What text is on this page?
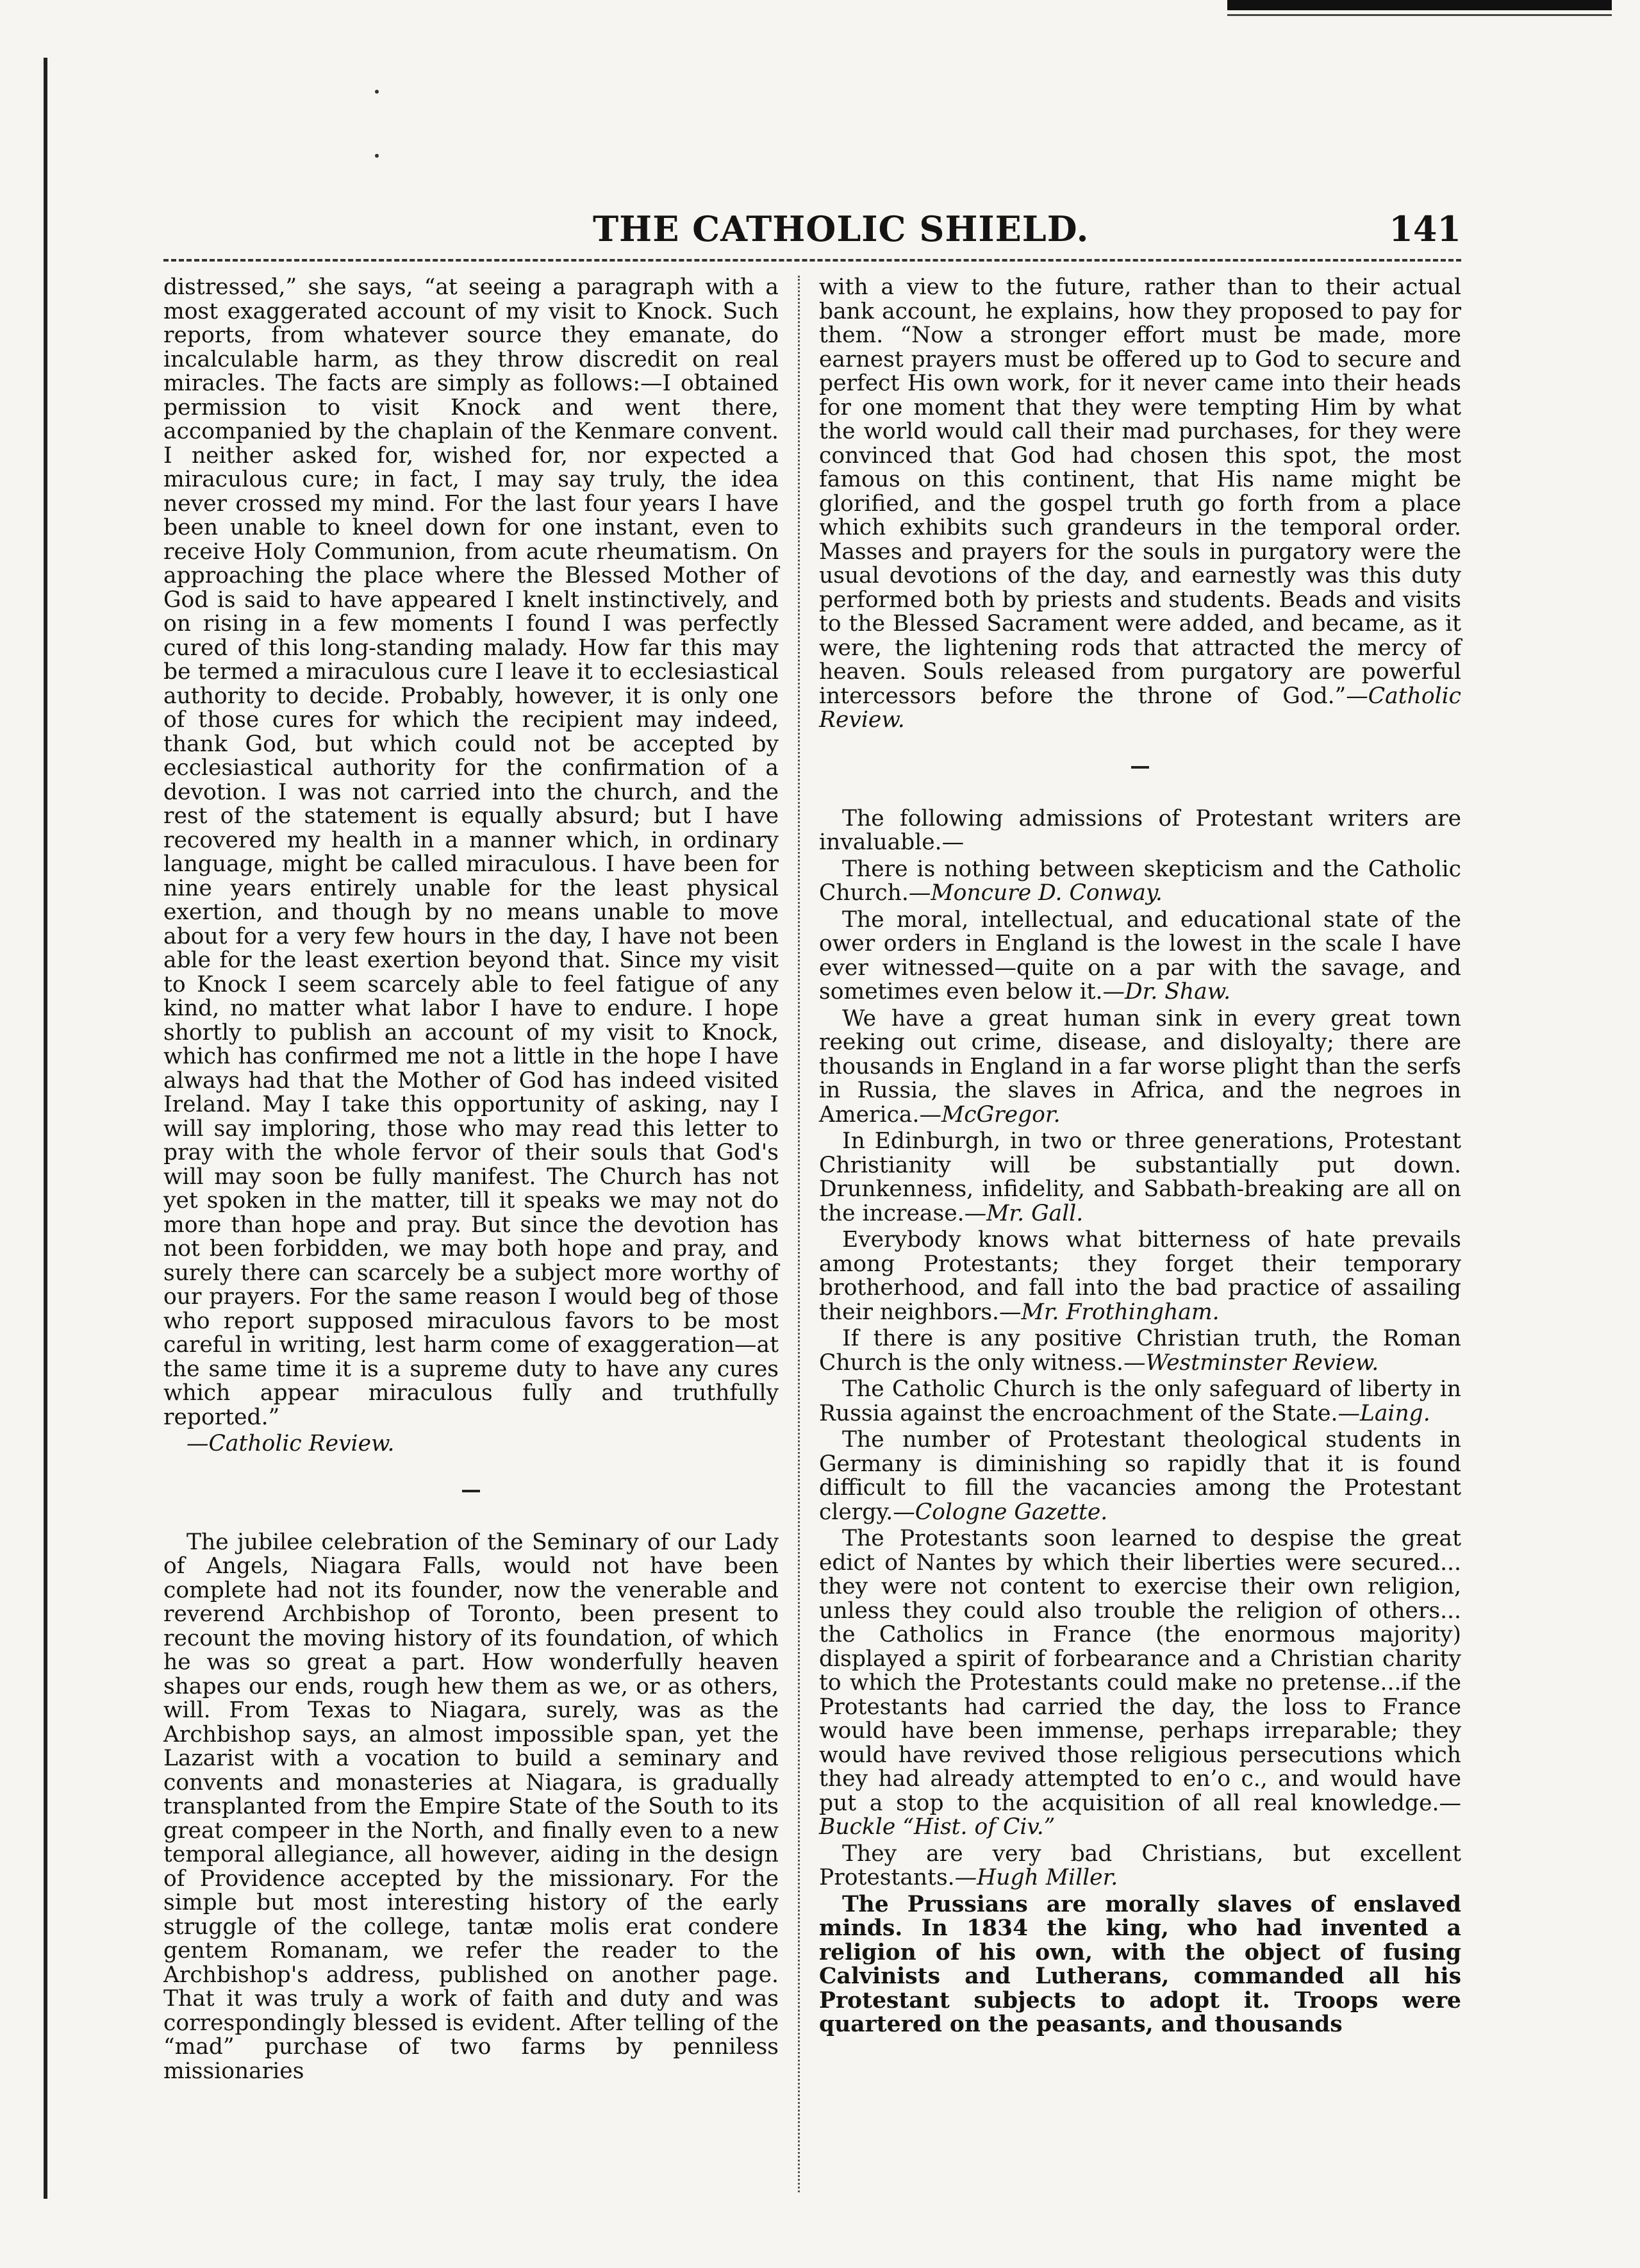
THE CATHOLIC SHIELD.	141

distressed,” she says, “at seeing a paragraph with a most exaggerated account of my visit to Knock. Such reports, from whatever source they emanate, do incalculable harm, as they throw discredit on real miracles. The facts are simply as follows:—I obtained permission to visit Knock and went there, accompanied by the chaplain of the Kenmare convent. I neither asked for, wished for, nor expected a miraculous cure; in fact, I may say truly, the idea never crossed my mind. For the last four years I have been unable to kneel down for one instant, even to receive Holy Communion, from acute rheumatism. On approaching the place where the Blessed Mother of God is said to have appeared I knelt instinctively, and on rising in a few moments I found I was perfectly cured of this long-standing malady. How far this may be termed a miraculous cure I leave it to ecclesiastical authority to decide. Probably, however, it is only one of those cures for which the recipient may indeed, thank God, but which could not be accepted by ecclesiastical authority for the confirmation of a devotion. I was not carried into the church, and the rest of the statement is equally absurd; but I have recovered my health in a manner which, in ordinary language, might be called miraculous. I have been for nine years entirely unable for the least physical exertion, and though by no means unable to move about for a very few hours in the day, I have not been able for the least exertion beyond that. Since my visit to Knock I seem scarcely able to feel fatigue of any kind, no matter what labor I have to endure. I hope shortly to publish an account of my visit to Knock, which has confirmed me not a little in the hope I have always had that the Mother of God has indeed visited Ireland. May I take this opportunity of asking, nay I will say imploring, those who may read this letter to pray with the whole fervor of their souls that God's will may soon be fully manifest. The Church has not yet spoken in the matter, till it speaks we may not do more than hope and pray. But since the devotion has not been forbidden, we may both hope and pray, and surely there can scarcely be a subject more worthy of our prayers. For the same reason I would beg of those who report supposed miraculous favors to be most careful in writing, lest harm come of exaggeration—at the same time it is a supreme duty to have any cures which appear miraculous fully and truthfully reported.”

—Catholic Review.

The jubilee celebration of the Seminary of our Lady of Angels, Niagara Falls, would not have been complete had not its founder, now the venerable and reverend Archbishop of Toronto, been present to recount the moving history of its foundation, of which he was so great a part. How wonderfully heaven shapes our ends, rough hew them as we, or as others, will. From Texas to Niagara, surely, was as the Archbishop says, an almost impossible span, yet the Lazarist with a vocation to build a seminary and convents and monasteries at Niagara, is gradually transplanted from the Empire State of the South to its great compeer in the North, and finally even to a new temporal allegiance, all however, aiding in the design of Providence accepted by the missionary. For the simple but most interesting history of the early struggle of the college, tantæ molis erat condere gentem Romanam, we refer the reader to the Archbishop's address, published on another page. That it was truly a work of faith and duty and was correspondingly blessed is evident. After telling of the “mad” purchase of two farms by penniless missionaries

with a view to the future, rather than to their actual bank account, he explains, how they proposed to pay for them. “Now a stronger effort must be made, more earnest prayers must be offered up to God to secure and perfect His own work, for it never came into their heads for one moment that they were tempting Him by what the world would call their mad purchases, for they were convinced that God had chosen this spot, the most famous on this continent, that His name might be glorified, and the gospel truth go forth from a place which exhibits such grandeurs in the temporal order. Masses and prayers for the souls in purgatory were the usual devotions of the day, and earnestly was this duty performed both by priests and students. Beads and visits to the Blessed Sacrament were added, and became, as it were, the lightening rods that attracted the mercy of heaven. Souls released from purgatory are powerful intercessors before the throne of God.”—Catholic Review.

The following admissions of Protestant writers are invaluable.—

There is nothing between skepticism and the Catholic Church.—Moncure D. Conway.

The moral, intellectual, and educational state of the ower orders in England is the lowest in the scale I have ever witnessed—quite on a par with the savage, and sometimes even below it.—Dr. Shaw.

We have a great human sink in every great town reeking out crime, disease, and disloyalty; there are thousands in England in a far worse plight than the serfs in Russia, the slaves in Africa, and the negroes in America.—McGregor.

In Edinburgh, in two or three generations, Protestant Christianity will be substantially put down. Drunkenness, infidelity, and Sabbath-breaking are all on the increase.—Mr. Gall.

Everybody knows what bitterness of hate prevails among Protestants; they forget their temporary brotherhood, and fall into the bad practice of assailing their neighbors.—Mr. Frothingham.

If there is any positive Christian truth, the Roman Church is the only witness.—Westminster Review.

The Catholic Church is the only safeguard of liberty in Russia against the encroachment of the State.—Laing.

The number of Protestant theological students in Germany is diminishing so rapidly that it is found difficult to fill the vacancies among the Protestant clergy.—Cologne Gazette.

The Protestants soon learned to despise the great edict of Nantes by which their liberties were secured... they were not content to exercise their own religion, unless they could also trouble the religion of others... the Catholics in France (the enormous majority) displayed a spirit of forbearance and a Christian charity to which the Protestants could make no pretense...if the Protestants had carried the day, the loss to France would have been immense, perhaps irreparable; they would have revived those religious persecutions which they had already attempted to en’o c., and would have put a stop to the acquisition of all real knowledge.—Buckle “Hist. of Civ.”

They are very bad Christians, but excellent Protestants.—Hugh Miller.

The Prussians are morally slaves of enslaved minds. In 1834 the king, who had invented a religion of his own, with the object of fusing Calvinists and Lutherans, commanded all his Protestant subjects to adopt it. Troops were quartered on the peasants, and thousands
